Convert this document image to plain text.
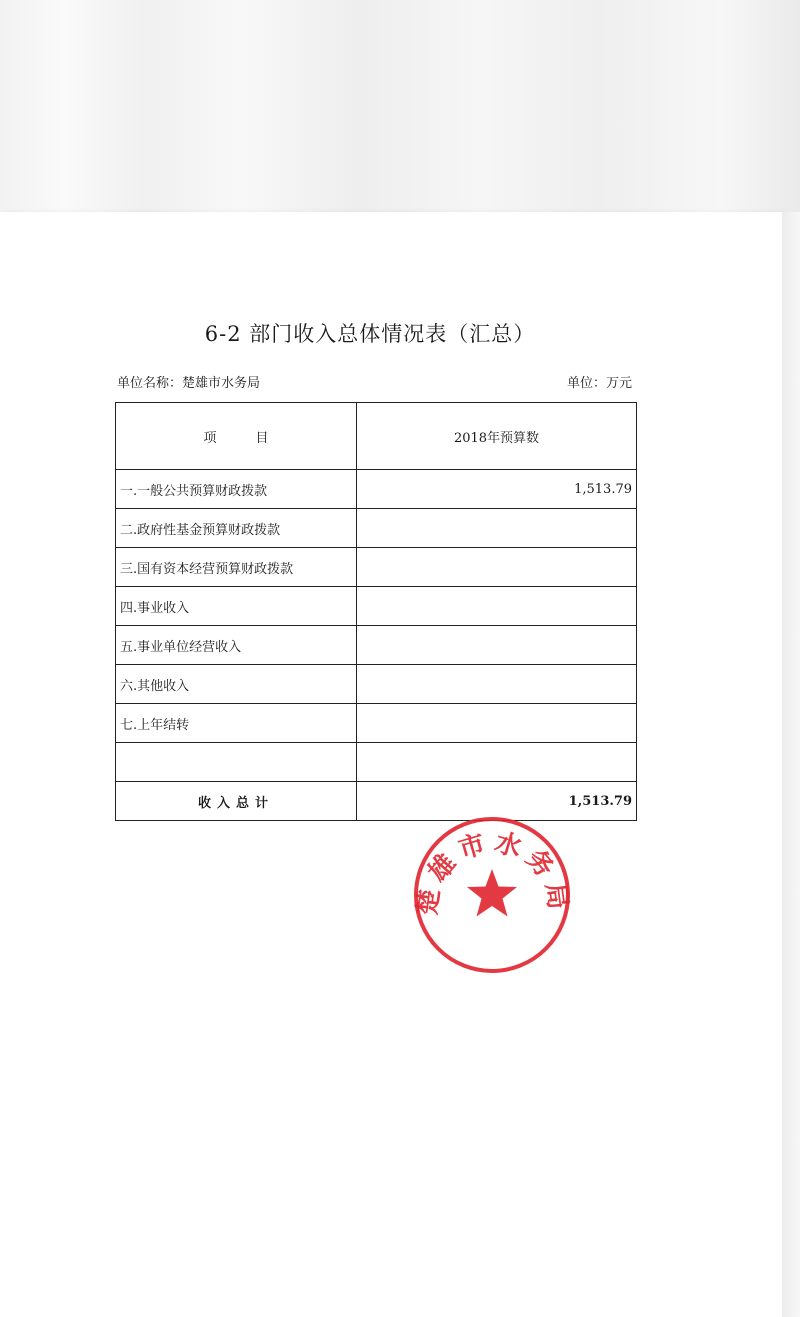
6-2 部门收入总体情况表（汇总）
单位名称：楚雄市水务局	单位：万元
项　　　目	2018年预算数
一.一般公共预算财政拨款	1,513.79
二.政府性基金预算财政拨款	
三.国有资本经营预算财政拨款	
四.事业收入	
五.事业单位经营收入	
六.其他收入	
七.上年结转	

收入总计	1,513.79
楚雄市水务局
